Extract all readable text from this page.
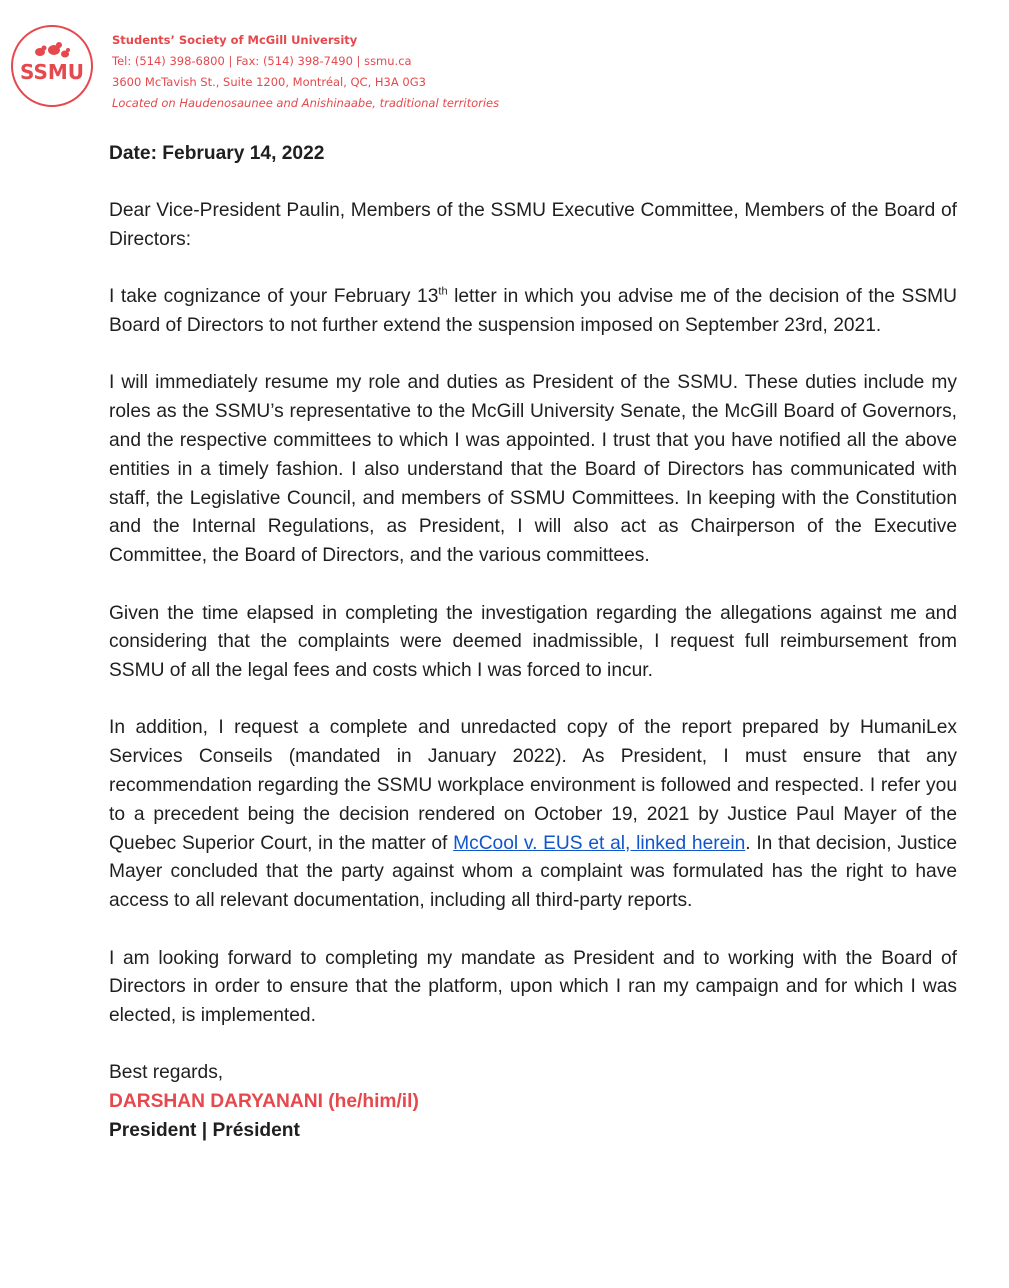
SSMU
Students’ Society of McGill University
Tel: (514) 398-6800 | Fax: (514) 398-7490 | ssmu.ca
3600 McTavish St., Suite 1200, Montréal, QC, H3A 0G3
Located on Haudenosaunee and Anishinaabe, traditional territories
Date: February 14, 2022

Dear Vice-President Paulin, Members of the SSMU Executive Committee, Members of the Board of Directors:

I take cognizance of your February 13th letter in which you advise me of the decision of the SSMU Board of Directors to not further extend the suspension imposed on September 23rd, 2021.

I will immediately resume my role and duties as President of the SSMU. These duties include my roles as the SSMU’s representative to the McGill University Senate, the McGill Board of Governors, and the respective committees to which I was appointed. I trust that you have notified all the above entities in a timely fashion. I also understand that the Board of Directors has communicated with staff, the Legislative Council, and members of SSMU Committees. In keeping with the Constitution and the Internal Regulations, as President, I will also act as Chairperson of the Executive Committee, the Board of Directors, and the various committees.

Given the time elapsed in completing the investigation regarding the allegations against me and considering that the complaints were deemed inadmissible, I request full reimbursement from SSMU of all the legal fees and costs which I was forced to incur.

In addition, I request a complete and unredacted copy of the report prepared by HumaniLex Services Conseils (mandated in January 2022). As President, I must ensure that any recommendation regarding the SSMU workplace environment is followed and respected. I refer you to a precedent being the decision rendered on October 19, 2021 by Justice Paul Mayer of the Quebec Superior Court, in the matter of McCool v. EUS et al, linked herein. In that decision, Justice Mayer concluded that the party against whom a complaint was formulated has the right to have access to all relevant documentation, including all third-party reports.

I am looking forward to completing my mandate as President and to working with the Board of Directors in order to ensure that the platform, upon which I ran my campaign and for which I was elected, is implemented.

Best regards,
DARSHAN DARYANANI (he/him/il)
President | Président
